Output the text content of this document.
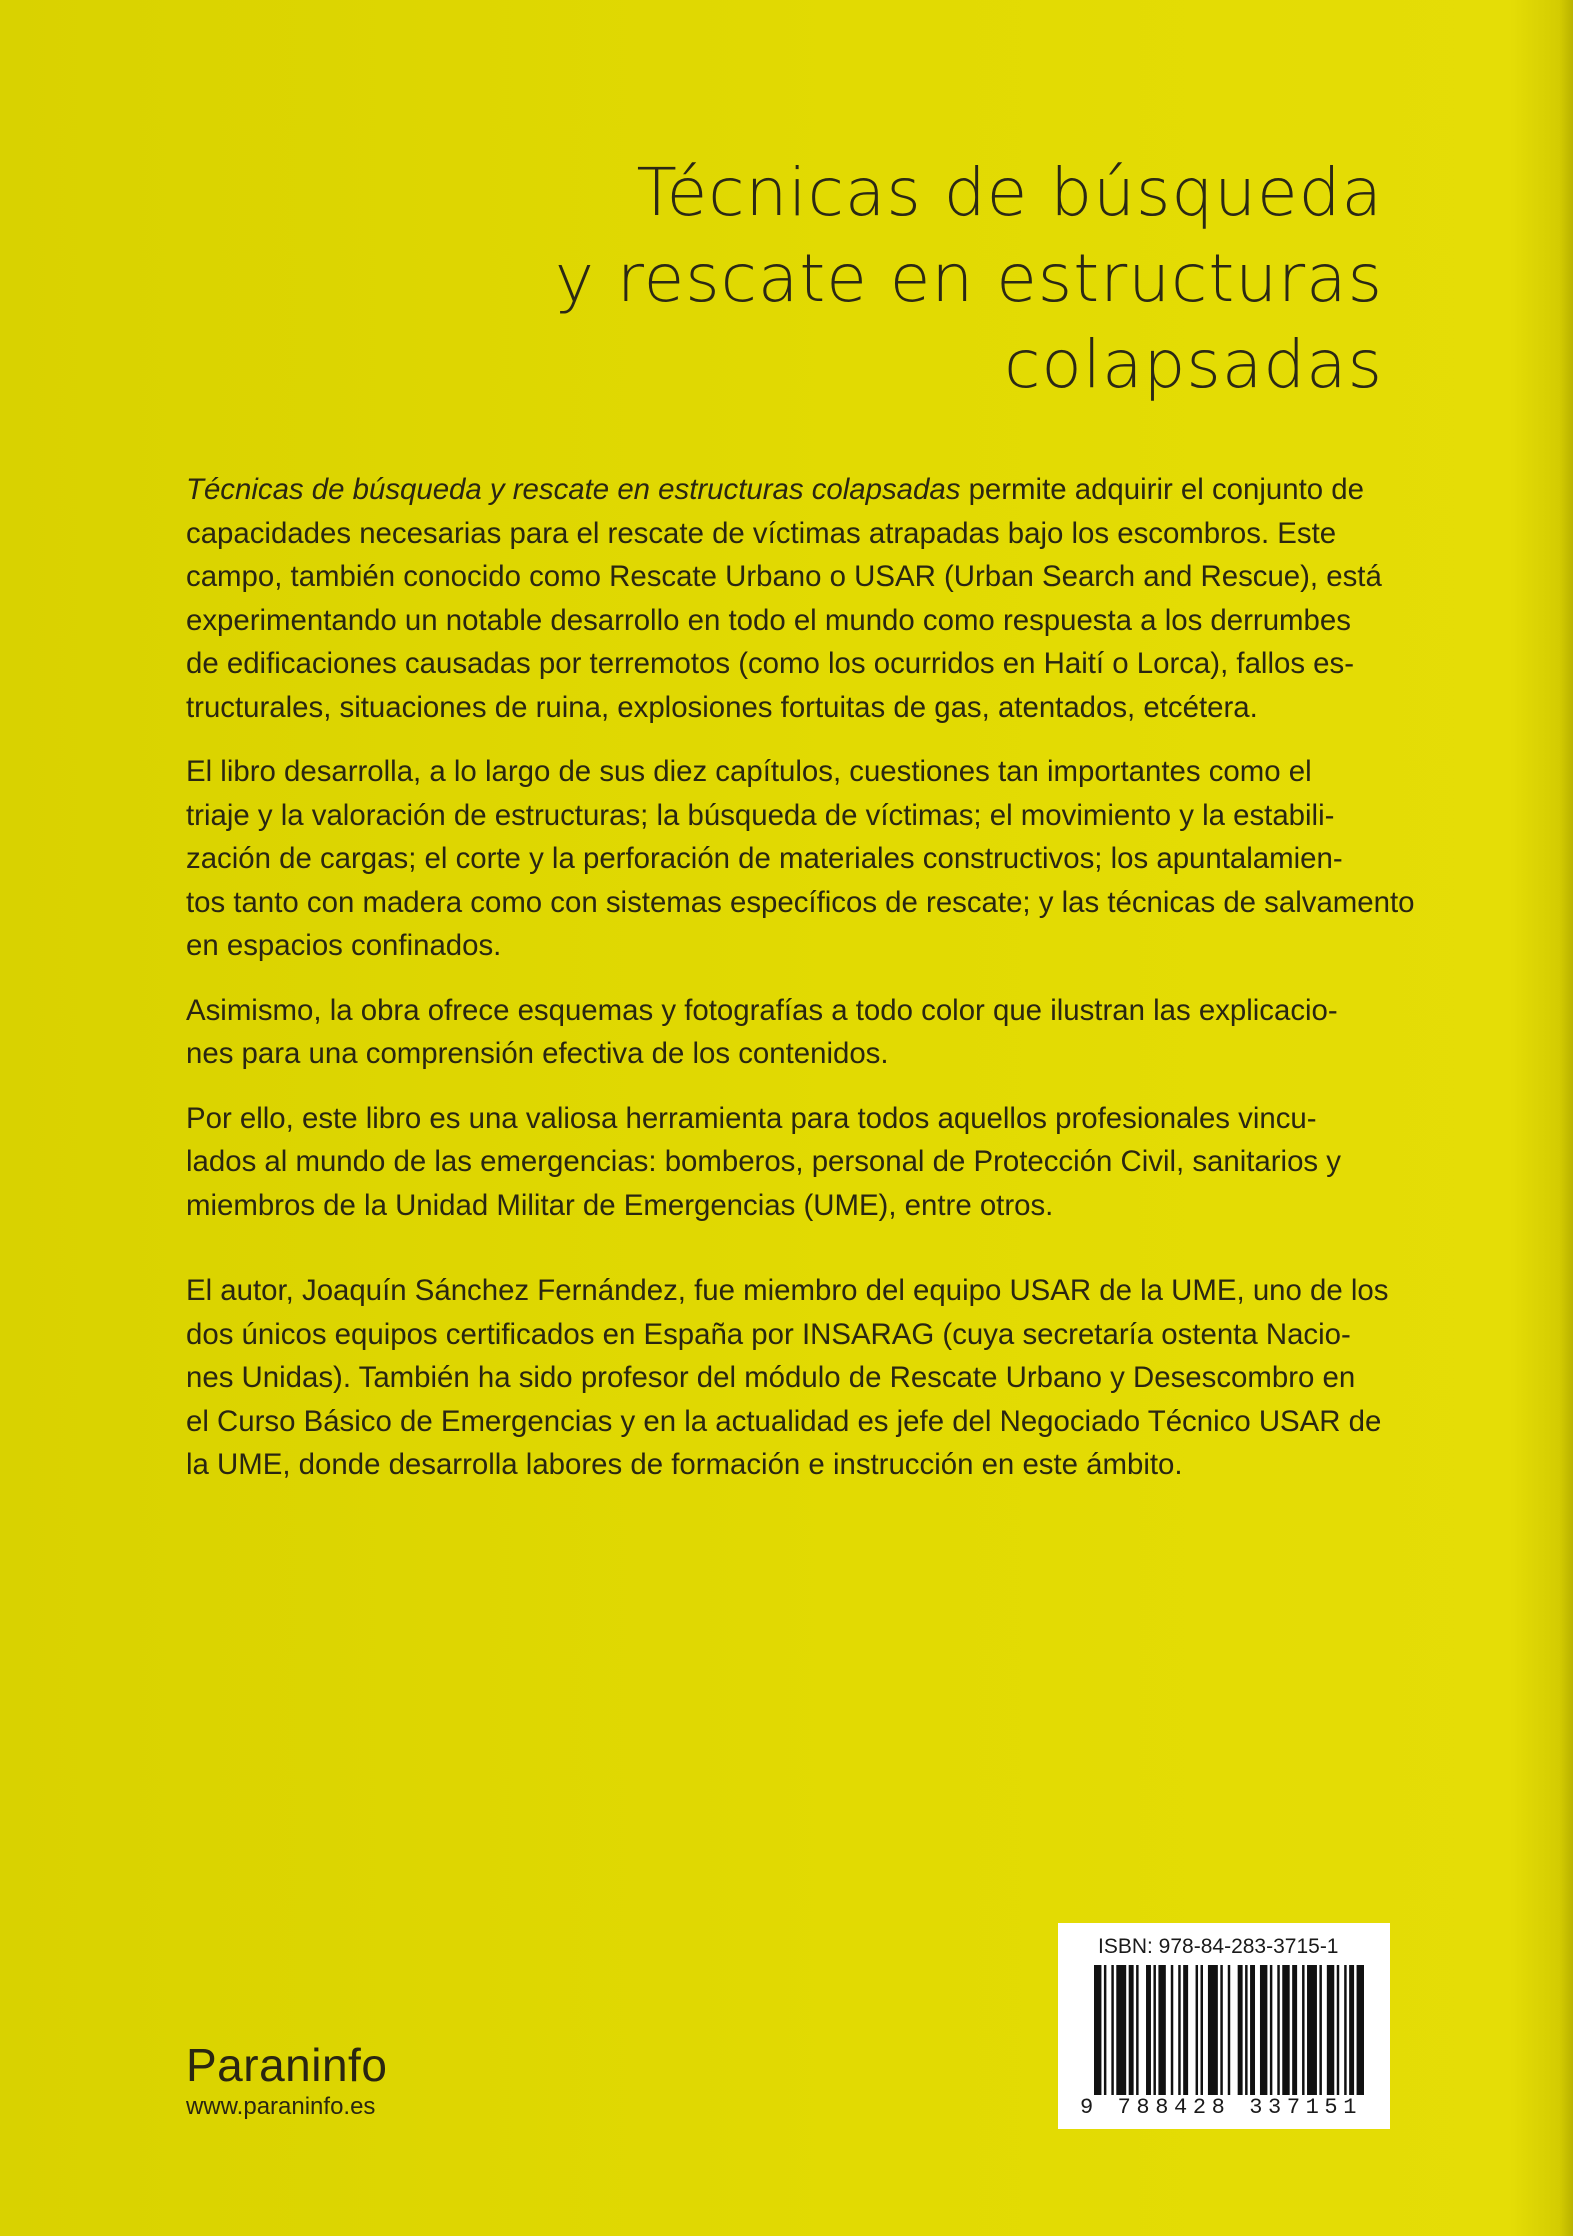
Técnicas de búsqueda
y rescate en estructuras
colapsadas

Técnicas de búsqueda y rescate en estructuras colapsadas permite adquirir el conjunto de
capacidades necesarias para el rescate de víctimas atrapadas bajo los escombros. Este
campo, también conocido como Rescate Urbano o USAR (Urban Search and Rescue), está
experimentando un notable desarrollo en todo el mundo como respuesta a los derrumbes
de edificaciones causadas por terremotos (como los ocurridos en Haití o Lorca), fallos es-
tructurales, situaciones de ruina, explosiones fortuitas de gas, atentados, etcétera.

El libro desarrolla, a lo largo de sus diez capítulos, cuestiones tan importantes como el
triaje y la valoración de estructuras; la búsqueda de víctimas; el movimiento y la estabili-
zación de cargas; el corte y la perforación de materiales constructivos; los apuntalamien-
tos tanto con madera como con sistemas específicos de rescate; y las técnicas de salvamento
en espacios confinados.

Asimismo, la obra ofrece esquemas y fotografías a todo color que ilustran las explicacio-
nes para una comprensión efectiva de los contenidos.

Por ello, este libro es una valiosa herramienta para todos aquellos profesionales vincu-
lados al mundo de las emergencias: bomberos, personal de Protección Civil, sanitarios y
miembros de la Unidad Militar de Emergencias (UME), entre otros.

El autor, Joaquín Sánchez Fernández, fue miembro del equipo USAR de la UME, uno de los
dos únicos equipos certificados en España por INSARAG (cuya secretaría ostenta Nacio-
nes Unidas). También ha sido profesor del módulo de Rescate Urbano y Desescombro en
el Curso Básico de Emergencias y en la actualidad es jefe del Negociado Técnico USAR de
la UME, donde desarrolla labores de formación e instrucción en este ámbito.

Paraninfo
www.paraninfo.es
ISBN: 978-84-283-3715-1
9 788428 337151
